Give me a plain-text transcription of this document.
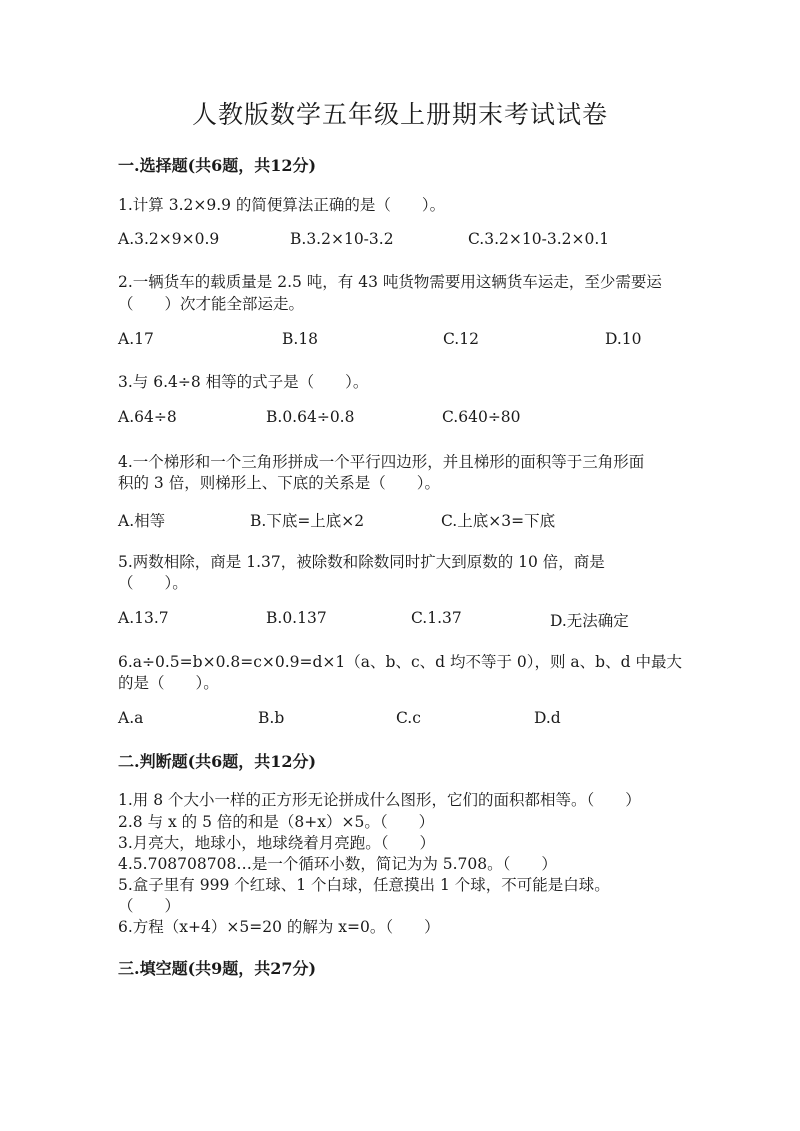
人教版数学五年级上册期末考试试卷
一.选择题(共6题，共12分)
1.计算 3.2×9.9 的简便算法正确的是（　　）。
A.3.2×9×0.9	B.3.2×10-3.2	C.3.2×10-3.2×0.1
2.一辆货车的载质量是 2.5 吨，有 43 吨货物需要用这辆货车运走，至少需要运
（　　）次才能全部运走。
A.17	B.18	C.12	D.10
3.与 6.4÷8 相等的式子是（　　）。
A.64÷8	B.0.64÷0.8	C.640÷80
4.一个梯形和一个三角形拼成一个平行四边形，并且梯形的面积等于三角形面
积的 3 倍，则梯形上、下底的关系是（　　）。
A.相等	B.下底=上底×2	C.上底×3=下底
5.两数相除，商是 1.37，被除数和除数同时扩大到原数的 10 倍，商是
（　　）。
A.13.7	B.0.137	C.1.37	D.无法确定
6.a÷0.5=b×0.8=c×0.9=d×1（a、b、c、d 均不等于 0），则 a、b、d 中最大
的是（　　）。
A.a	B.b	C.c	D.d
二.判断题(共6题，共12分)
1.用 8 个大小一样的正方形无论拼成什么图形，它们的面积都相等。（　　）
2.8 与 x 的 5 倍的和是（8+x）×5。（　　）
3.月亮大，地球小，地球绕着月亮跑。（　　）
4.5.708708708…是一个循环小数，简记为为 5.708。（　　）
5.盒子里有 999 个红球、1 个白球，任意摸出 1 个球，不可能是白球。
（　　）
6.方程（x+4）×5=20 的解为 x=0。（　　）
三.填空题(共9题，共27分)
